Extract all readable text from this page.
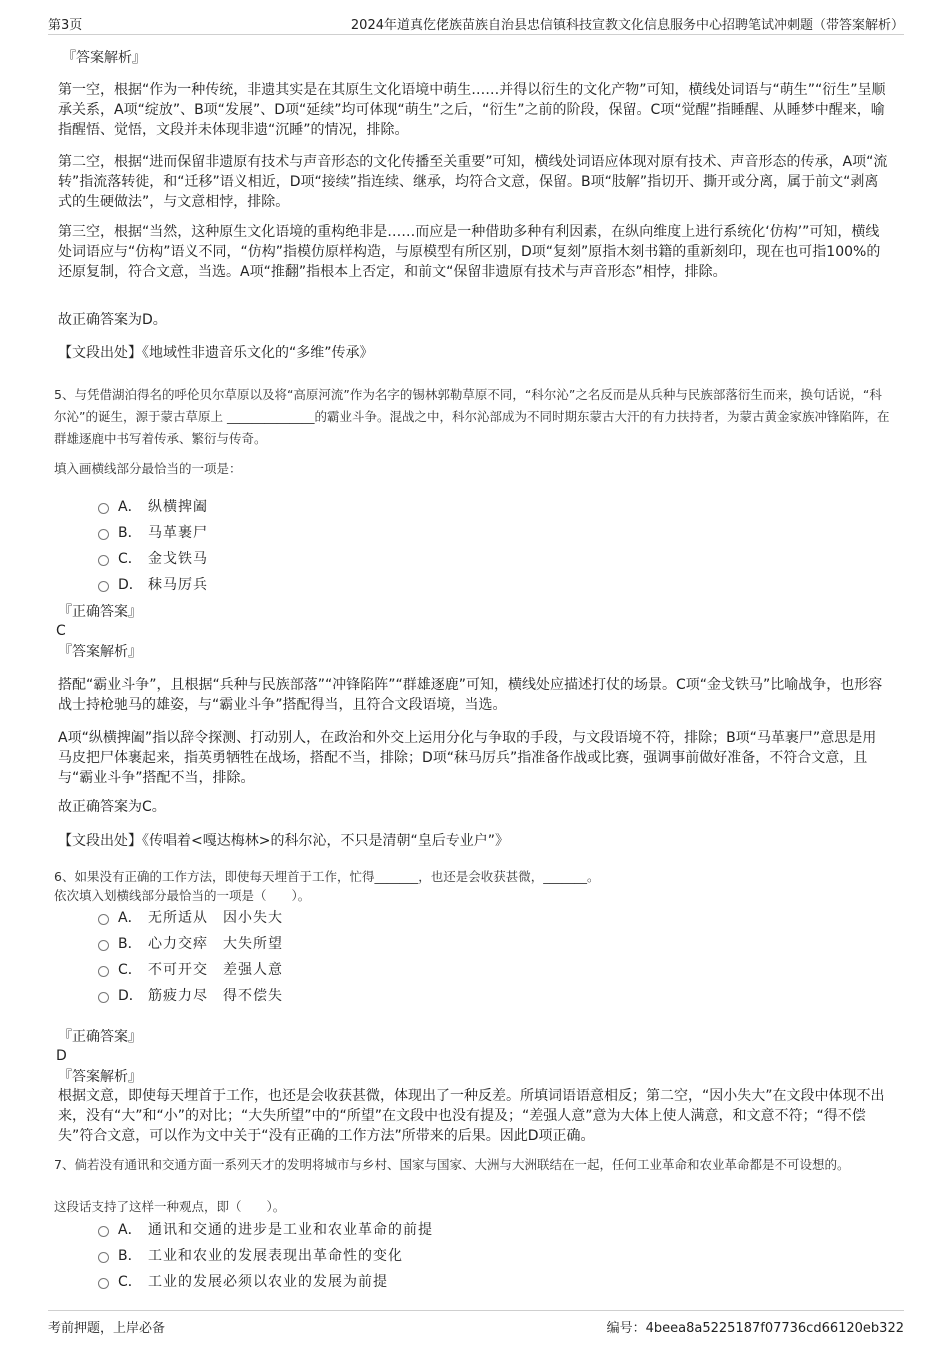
第3页	2024年道真仡佬族苗族自治县忠信镇科技宣教文化信息服务中心招聘笔试冲刺题（带答案解析）

『答案解析』

第一空，根据“作为一种传统，非遗其实是在其原生文化语境中萌生……并得以衍生的文化产物”可知，横线处词语与“萌生”“衍生”呈顺承关系，A项“绽放”、B项“发展”、D项“延续”均可体现“萌生”之后，“衍生”之前的阶段，保留。C项“觉醒”指睡醒、从睡梦中醒来，喻指醒悟、觉悟，文段并未体现非遗“沉睡”的情况，排除。

第二空，根据“进而保留非遗原有技术与声音形态的文化传播至关重要”可知，横线处词语应体现对原有技术、声音形态的传承，A项“流转”指流落转徙，和“迁移”语义相近，D项“接续”指连续、继承，均符合文意，保留。B项“肢解”指切开、撕开或分离，属于前文“剥离式的生硬做法”，与文意相悖，排除。

第三空，根据“当然，这种原生文化语境的重构绝非是……而应是一种借助多种有利因素，在纵向维度上进行系统化‘仿构’”可知，横线处词语应与“仿构”语义不同，“仿构”指模仿原样构造，与原模型有所区别，D项“复刻”原指木刻书籍的重新刻印，现在也可指100%的还原复制，符合文意，当选。A项“推翻”指根本上否定，和前文“保留非遗原有技术与声音形态”相悖，排除。

故正确答案为D。

【文段出处】《地域性非遗音乐文化的“多维”传承》

5、与凭借湖泊得名的呼伦贝尔草原以及将“高原河流”作为名字的锡林郭勒草原不同，“科尔沁”之名反而是从兵种与民族部落衍生而来，换句话说，“科尔沁”的诞生，源于蒙古草原上 ______________的霸业斗争。混战之中，科尔沁部成为不同时期东蒙古大汗的有力扶持者，为蒙古黄金家族冲锋陷阵，在群雄逐鹿中书写着传承、繁衍与传奇。

填入画横线部分最恰当的一项是：

A． 纵横捭阖
B． 马革裹尸
C． 金戈铁马
D． 秣马厉兵

『正确答案』

C

『答案解析』

搭配“霸业斗争”，且根据“兵种与民族部落”“冲锋陷阵”“群雄逐鹿”可知，横线处应描述打仗的场景。C项“金戈铁马”比喻战争，也形容战士持枪驰马的雄姿，与“霸业斗争”搭配得当，且符合文段语境，当选。

A项“纵横捭阖”指以辞令探测、打动别人，在政治和外交上运用分化与争取的手段，与文段语境不符，排除；B项“马革裹尸”意思是用马皮把尸体裹起来，指英勇牺牲在战场，搭配不当，排除；D项“秣马厉兵”指准备作战或比赛，强调事前做好准备，不符合文意，且与“霸业斗争”搭配不当，排除。

故正确答案为C。

【文段出处】《传唱着<嘎达梅林>的科尔沁，不只是清朝“皇后专业户”》

6、如果没有正确的工作方法，即使每天埋首于工作，忙得_______，也还是会收获甚微，_______。

依次填入划横线部分最恰当的一项是（　　）。

A． 无所适从　因小失大
B． 心力交瘁　大失所望
C． 不可开交　差强人意
D． 筋疲力尽　得不偿失

『正确答案』

D

『答案解析』

根据文意，即使每天埋首于工作，也还是会收获甚微，体现出了一种反差。所填词语语意相反；第二空，“因小失大”在文段中体现不出来，没有“大”和“小”的对比；“大失所望”中的“所望”在文段中也没有提及；“差强人意”意为大体上使人满意，和文意不符；“得不偿失”符合文意，可以作为文中关于“没有正确的工作方法”所带来的后果。因此D项正确。

7、倘若没有通讯和交通方面一系列天才的发明将城市与乡村、国家与国家、大洲与大洲联结在一起，任何工业革命和农业革命都是不可设想的。

这段话支持了这样一种观点，即（　　）。

A． 通讯和交通的进步是工业和农业革命的前提
B． 工业和农业的发展表现出革命性的变化
C． 工业的发展必须以农业的发展为前提
考前押题，上岸必备	编号：4beea8a5225187f07736cd66120eb322
